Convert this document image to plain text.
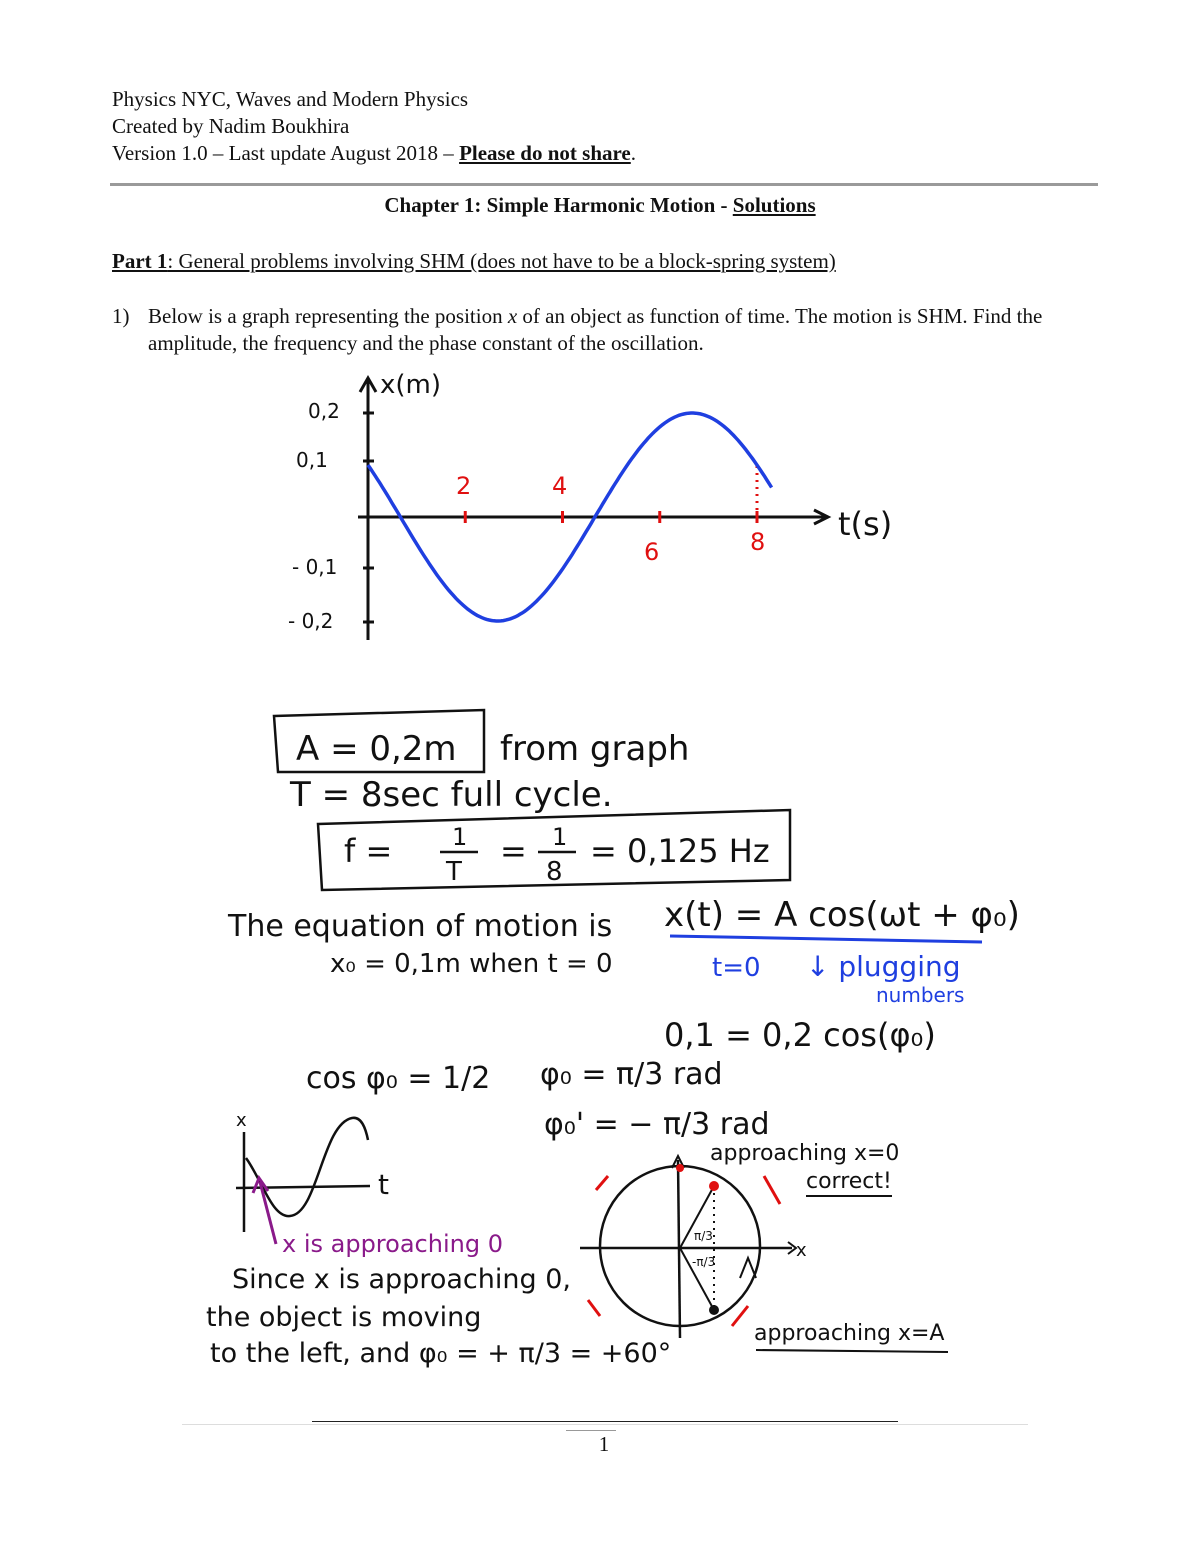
Physics NYC, Waves and Modern Physics
Created by Nadim Boukhira
Version 1.0 – Last update August 2018 – Please do not share.
Chapter 1: Simple Harmonic Motion - Solutions
Part 1: General problems involving SHM (does not have to be a block-spring system)
1) Below is a graph representing the position x of an object as function of time. The motion is SHM. Find the amplitude, the frequency and the phase constant of the oscillation.
x(m)
t(s)
0,2
0,1
- 0,1
- 0,2
2	4
6	8
A = 0,2m from graph
T = 8sec full cycle.
f = 1
T
= 1
8
= 0,125 Hz
The equation of motion is x(t) = A cos(ωt + φ₀)
x₀ = 0,1m when t = 0	t=0 ↓ plugging
numbers
0,1 = 0,2 cos(φ₀)
cos φ₀ = 1/2 φ₀ = π/3 rad
φ₀' = − π/3 rad
x
t
x is approaching 0
Since x is approaching 0,
the object is moving
to the left, and φ₀ = + π/3 = +60°
x
π/3
-π/3
approaching x=0
correct!
approaching x=A
1
